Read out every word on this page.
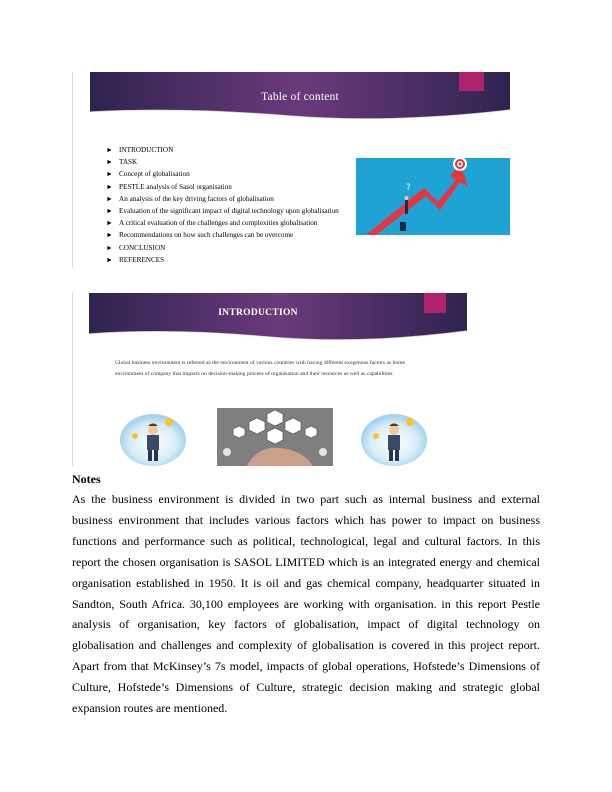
Table of content
► INTRODUCTION
► TASK
► Concept of globalisation
► PESTLE analysis of Sasol organisation
► An analysis of the key driving factors of globalisation
► Evaluation of the significant impact of digital technology upon globalisation
► A critical evaluation of the challenges and complexities globalisation
► Recommendations on how such challenges can be overcome
► CONCLUSION
► REFERENCES
?
INTRODUCTION
Global business environment is referred as the environment of various countries with having different exogenous factors as home environment of company that impacts on decision-making process of organisation and their resources as well as capabilities.
Notes

As the business environment is divided in two part such as internal business and external business environment that includes various factors which has power to impact on business functions and performance such as political, technological, legal and cultural factors. In this report the chosen organisation is SASOL LIMITED which is an integrated energy and chemical organisation established in 1950. It is oil and gas chemical company, headquarter situated in Sandton, South Africa. 30,100 employees are working with organisation. in this report Pestle analysis of organisation, key factors of globalisation, impact of digital technology on globalisation and challenges and complexity of globalisation is covered in this project report. Apart from that McKinsey’s 7s model, impacts of global operations, Hofstede’s Dimensions of Culture, Hofstede’s Dimensions of Culture, strategic decision making and strategic global expansion routes are mentioned.
